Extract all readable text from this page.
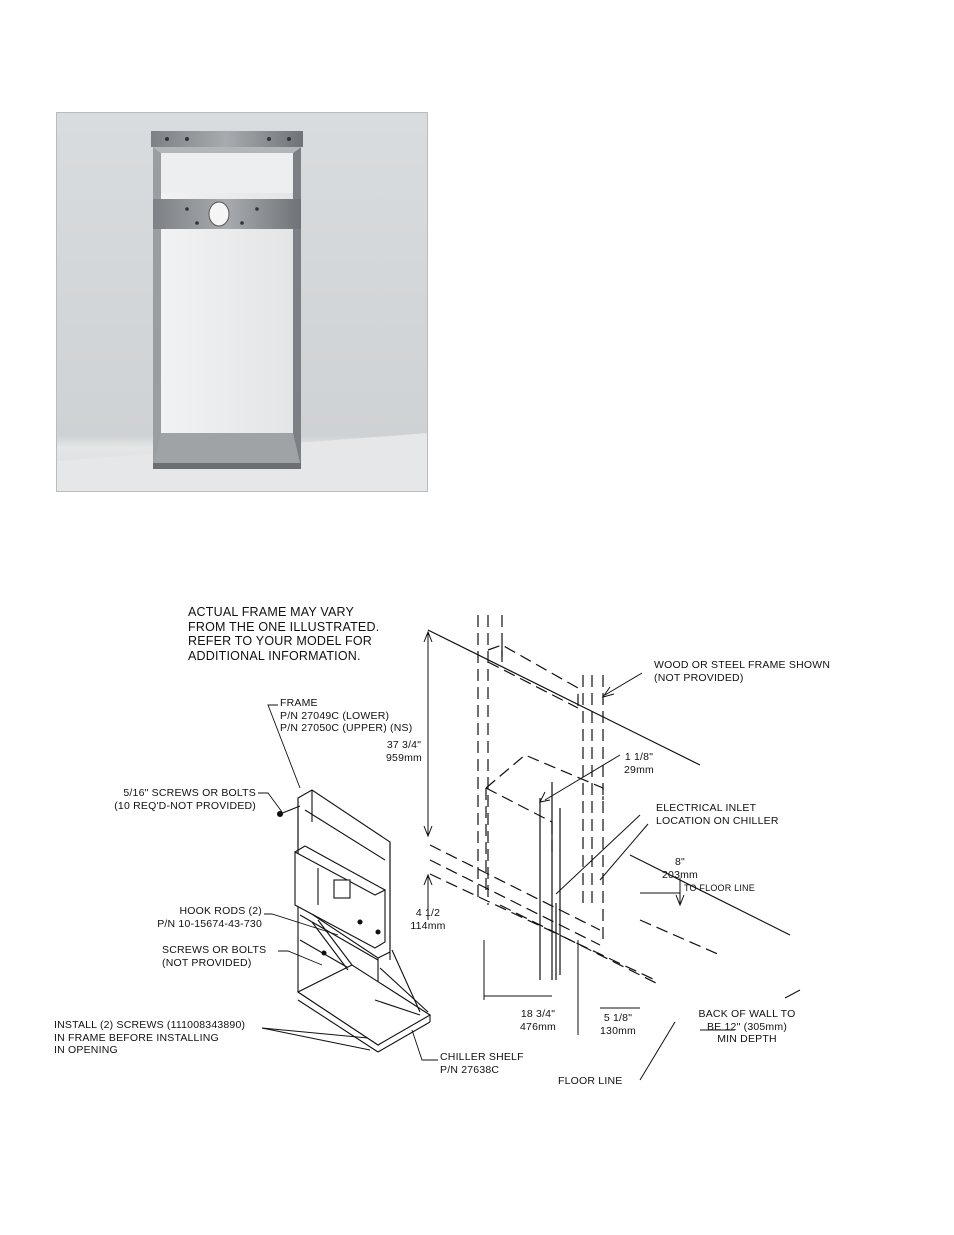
ACTUAL FRAME MAY VARY
FROM THE ONE ILLUSTRATED.
REFER TO YOUR MODEL FOR
ADDITIONAL INFORMATION.
FRAME
P/N 27049C (LOWER)
P/N 27050C (UPPER) (NS)
5/16" SCREWS OR BOLTS
(10 REQ'D-NOT PROVIDED)
HOOK RODS (2)
P/N 10-15674-43-730
SCREWS OR BOLTS
(NOT PROVIDED)
INSTALL (2) SCREWS (111008343890)
IN FRAME BEFORE INSTALLING
IN OPENING
CHILLER SHELF
P/N 27638C
WOOD OR STEEL FRAME SHOWN
(NOT PROVIDED)
ELECTRICAL INLET
LOCATION ON CHILLER
BACK OF WALL TO
BE 12" (305mm)
MIN DEPTH
FLOOR LINE
TO FLOOR LINE
37 3/4"
959mm
4 1/2
114mm
1 1/8"
29mm
8"
203mm
18 3/4"
476mm
5 1/8"
130mm
